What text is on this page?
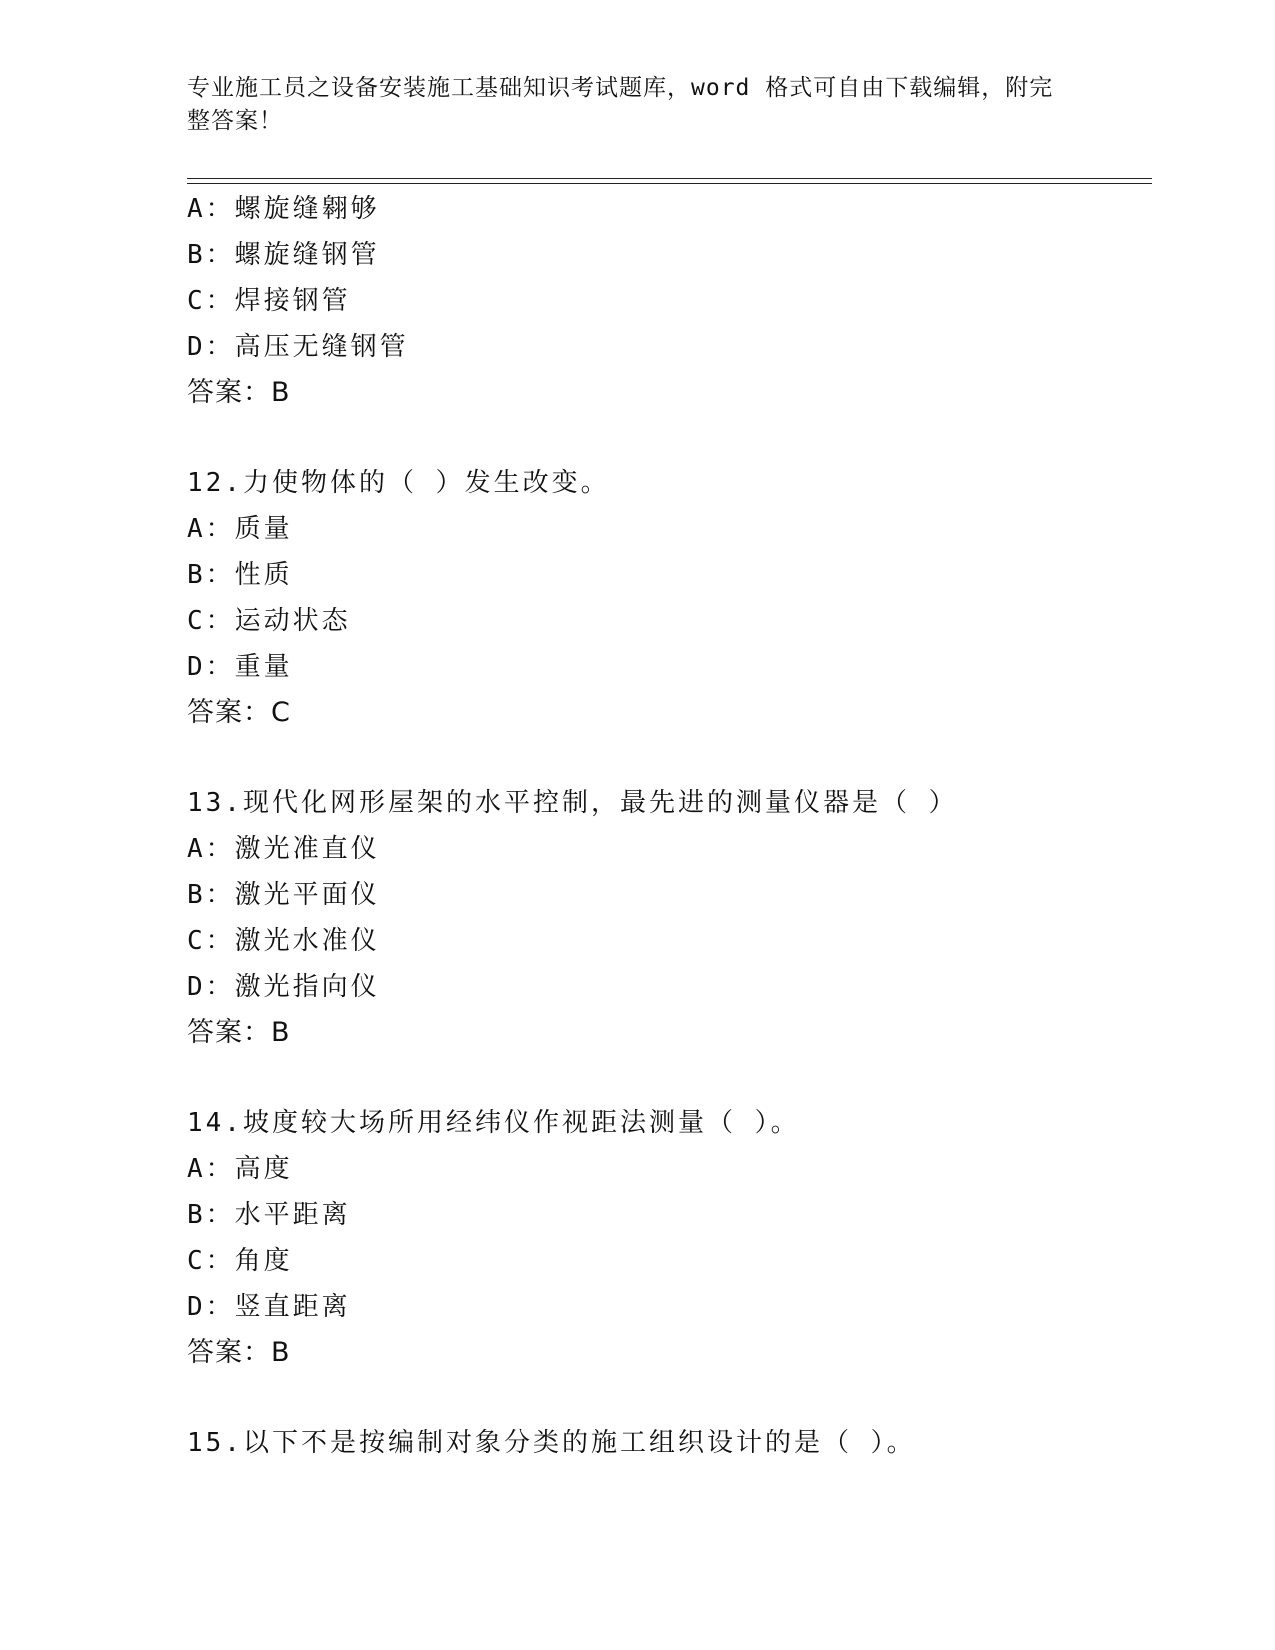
专业施工员之设备安装施工基础知识考试题库，word 格式可自由下载编辑，附完
整答案！
A：螺旋缝翱够
B：螺旋缝钢管
C：焊接钢管
D：高压无缝钢管
答案：B
12.力使物体的（ ）发生改变。
A：质量
B：性质
C：运动状态
D：重量
答案：C
13.现代化网形屋架的水平控制，最先进的测量仪器是（ ）
A：激光准直仪
B：激光平面仪
C：激光水准仪
D：激光指向仪
答案：B
14.坡度较大场所用经纬仪作视距法测量（ ）。
A：高度
B：水平距离
C：角度
D：竖直距离
答案：B
15.以下不是按编制对象分类的施工组织设计的是（ ）。
